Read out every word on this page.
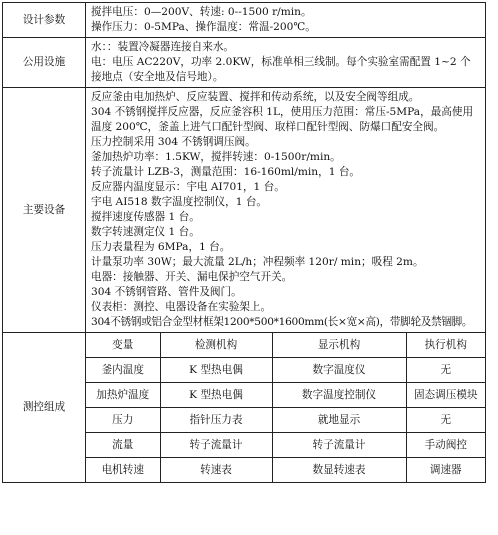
设计参数	
搅拌电压：0—200V、转速: 0--1500 r/min。
操作压力：0-5MPa、操作温度：常温-200℃。

公用设施	
水：：装置冷凝器连接自来水。
电：电压 AC220V，功率 2.0KW，标准单相三线制。每个实验室需配置 1~2 个接地点（安全地及信号地）。

主要设备	
反应釜由电加热炉、反应装置、搅拌和传动系统，以及安全阀等组成。
304 不锈钢搅拌反应器，反应釜容积 1L，使用压力范围：常压-5MPa，最高使用温度 200℃，釜盖上进气口配针型阀、取样口配针型阀、防爆口配安全阀。
压力控制采用 304 不锈钢调压阀。
釜加热炉功率：1.5KW，搅拌转速：0-1500r/min。
转子流量计 LZB-3，测量范围：16-160ml/min，1 台。
反应器内温度显示：宇电 AI701，1 台。
宇电 AI518 数字温度控制仪，1 台。
搅拌速度传感器 1 台。
数字转速测定仪 1 台。
压力表量程为 6MPa，1 台。
计量泵功率 30W；最大流量 2L/h；冲程频率 120r/ min；吸程 2m。
电器：接触器、开关、漏电保护空气开关。
304 不锈钢管路、管件及阀门。
仪表柜：测控、电器设备在实验架上。
304不锈钢或铝合金型材框架1200*500*1600mm(长×宽×高)，带脚轮及禁锢脚。

测控组成	
变量	检测机构	显示机构	执行机构
釜内温度	K 型热电偶	数字温度仪	无
加热炉温度	K 型热电偶	数字温度控制仪	固态调压模块
压力	指针压力表	就地显示	无
流量	转子流量计	转子流量计	手动阀控
电机转速	转速表	数显转速表	调速器
